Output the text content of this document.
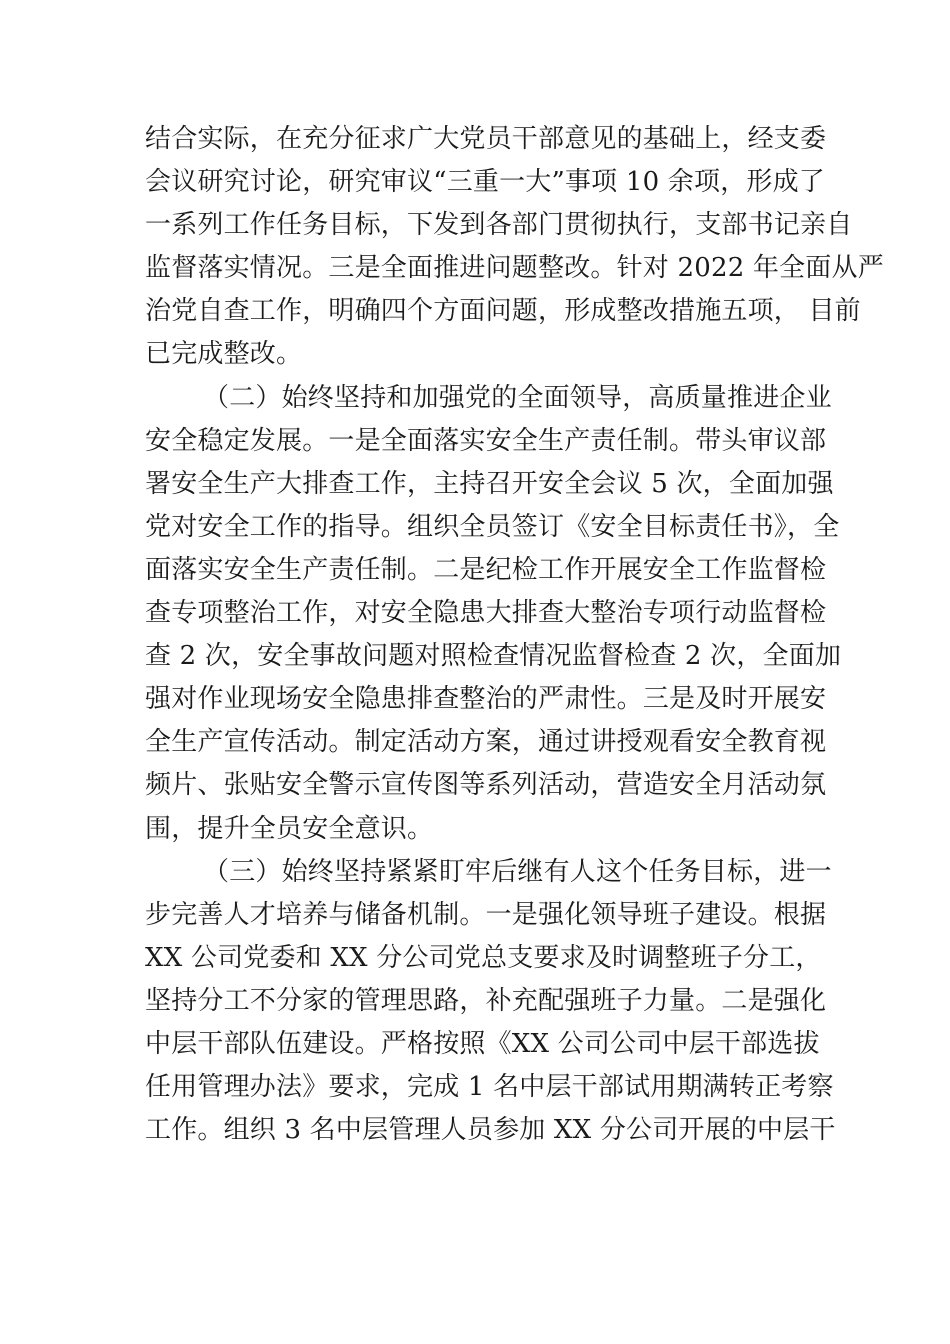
结合实际，在充分征求广大党员干部意见的基础上，经支委
会议研究讨论，研究审议“三重一大”事项 10 余项，形成了
一系列工作任务目标，下发到各部门贯彻执行，支部书记亲自
监督落实情况。三是全面推进问题整改。针对 2022 年全面从严
治党自查工作，明确四个方面问题，形成整改措施五项， 目前
已完成整改。
（二）始终坚持和加强党的全面领导，高质量推进企业
安全稳定发展。一是全面落实安全生产责任制。带头审议部
署安全生产大排查工作，主持召开安全会议 5 次，全面加强
党对安全工作的指导。组织全员签订《安全目标责任书》，全
面落实安全生产责任制。二是纪检工作开展安全工作监督检
查专项整治工作，对安全隐患大排查大整治专项行动监督检
查 2 次，安全事故问题对照检查情况监督检查 2 次，全面加
强对作业现场安全隐患排查整治的严肃性。三是及时开展安
全生产宣传活动。制定活动方案，通过讲授观看安全教育视
频片、张贴安全警示宣传图等系列活动，营造安全月活动氛
围，提升全员安全意识。
（三）始终坚持紧紧盯牢后继有人这个任务目标，进一
步完善人才培养与储备机制。一是强化领导班子建设。根据
XX 公司党委和 XX 分公司党总支要求及时调整班子分工，
坚持分工不分家的管理思路，补充配强班子力量。二是强化
中层干部队伍建设。严格按照《XX 公司公司中层干部选拔
任用管理办法》要求，完成 1 名中层干部试用期满转正考察
工作。组织 3 名中层管理人员参加 XX 分公司开展的中层干
